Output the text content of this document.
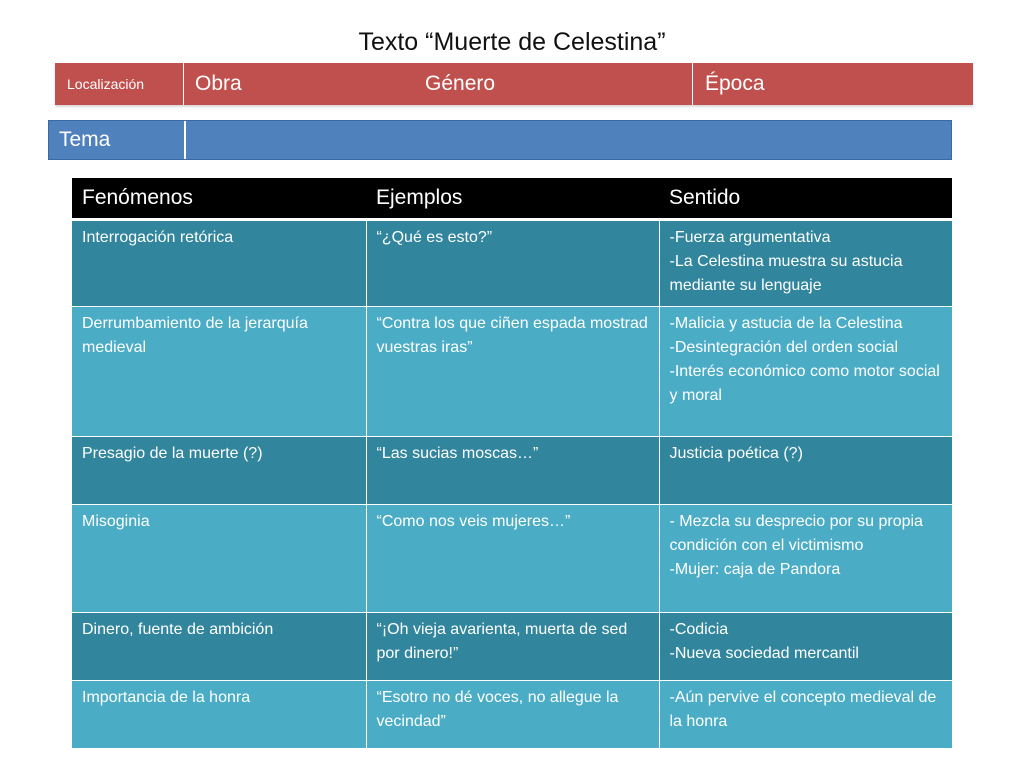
Texto “Muerte de Celestina”
Localización Obra	Género	Época
Tema
Fenómenos	Ejemplos	Sentido
Interrogación retórica	“¿Qué es esto?”	-Fuerza argumentativa
-La Celestina muestra su astucia mediante su lenguaje

Derrumbamiento de la jerarquía medieval	“Contra los que ciñen espada mostrad vuestras iras”	-Malicia y astucia de la Celestina
-Desintegración del orden social
-Interés económico como motor social y moral

Presagio de la muerte (?)	“Las sucias moscas…”	Justicia poética (?)

Misoginia	“Como nos veis mujeres…”	- Mezcla su desprecio por su propia condición con el victimismo
-Mujer: caja de Pandora

Dinero, fuente de ambición	“¡Oh vieja avarienta, muerta de sed por dinero!”	-Codicia
-Nueva sociedad mercantil

Importancia de la honra	“Esotro no dé voces, no allegue la vecindad”	-Aún pervive el concepto medieval de la honra
